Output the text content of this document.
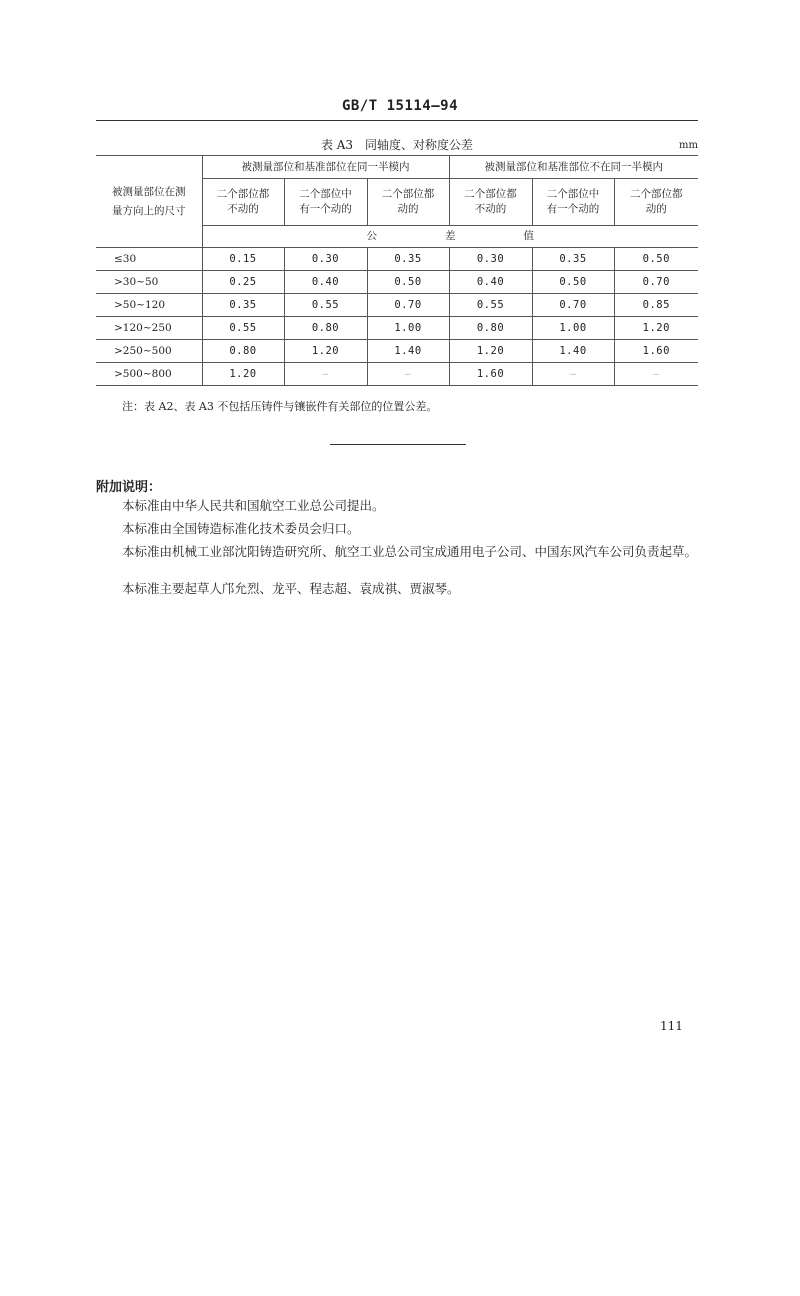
GB/T 15114—94
表 A3　同轴度、对称度公差	mm
被测量部位在测量方向上的尺寸	被测量部位和基准部位在同一半模内			被测量部位和基准部位不在同一半模内		
	二个部位都不动的	二个部位中有一个动的	二个部位都动的	二个部位都不动的	二个部位中有一个动的	二个部位都动的
	公差值					
≤30	0.15	0.30	0.35	0.30	0.35	0.50
>30~50	0.25	0.40	0.50	0.40	0.50	0.70
>50~120	0.35	0.55	0.70	0.55	0.70	0.85
>120~250	0.55	0.80	1.00	0.80	1.00	1.20
>250~500	0.80	1.20	1.40	1.20	1.40	1.60
>500~800	1.20	—	—	1.60	—	—
注：表 A2、表 A3 不包括压铸件与镶嵌件有关部位的位置公差。
附加说明：
本标准由中华人民共和国航空工业总公司提出。
本标准由全国铸造标准化技术委员会归口。
本标准由机械工业部沈阳铸造研究所、航空工业总公司宝成通用电子公司、中国东风汽车公司负责起草。
本标准主要起草人邝允烈、龙平、程志超、袁成祺、贾淑琴。
111
